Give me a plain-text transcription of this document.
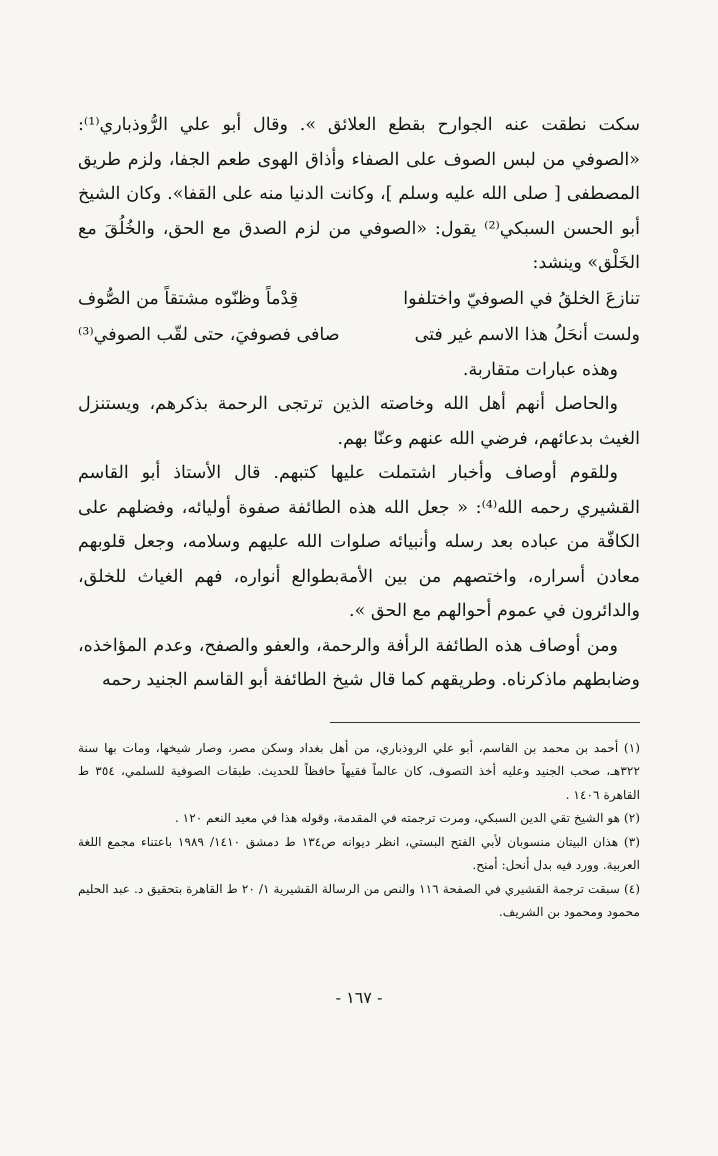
سكت نطقت عنه الجوارح بقطع العلائق ». وقال أبو علي الرُّوذباري⁽¹⁾: «الصوفي من لبس الصوف على الصفاء وأذاق الهوى طعم الجفا، ولزم طريق المصطفى [ صلى الله عليه وسلم ]، وكانت الدنيا منه على القفا». وكان الشيخ أبو الحسن السبكي⁽²⁾ يقول: «الصوفي من لزم الصدق مع الحق، والخُلُقَ مع الخَلْق» وينشد:

تنازعَ الخلقُ في الصوفيّ واختلفوا
قِدْماً وظنّوه مشتقاً من الصُّوف
ولست أنحَلُ هذا الاسم غير فتى
صافى فصوفيَ، حتى لقّب الصوفي⁽³⁾

وهذه عبارات متقاربة.

والحاصل أنهم أهل الله وخاصته الذين ترتجى الرحمة بذكرهم، ويستنزل الغيث بدعائهم، فرضي الله عنهم وعنّا بهم.

وللقوم أوصاف وأخبار اشتملت عليها كتبهم. قال الأستاذ أبو القاسم القشيري رحمه الله⁽⁴⁾: « جعل الله هذه الطائفة صفوة أوليائه، وفضلهم على الكافّة من عباده بعد رسله وأنبيائه صلوات الله عليهم وسلامه، وجعل قلوبهم معادن أسراره، واختصهم من بين الأمةبطوالع أنواره، فهم الغياث للخلق، والدائرون في عموم أحوالهم مع الحق ».

ومن أوصاف هذه الطائفة الرأفة والرحمة، والعفو والصفح، وعدم المؤاخذه، وضابطهم ماذكرناه. وطريقهم كما قال شيخ الطائفة أبو القاسم الجنيد رحمه

(١) أحمد بن محمد بن القاسم، أبو علي الروذباري، من أهل بغداد وسكن مصر، وصار شيخها، ومات بها سنة ٣٢٢هـ، صحب الجنيد وعليه أخذ التصوف، كان عالماً فقيهاً حافظاً للحديث. طبقات الصوفية للسلمي، ٣٥٤ ط القاهرة ١٤٠٦ .

(٢) هو الشيخ تقي الدين السبكي، ومرت ترجمته في المقدمة، وقوله هذا في معيد النعم ١٢٠ .

(٣) هذان البيتان منسوبان لأبي الفتح البستي، انظر ديوانه ص١٣٤ ط دمشق ١٤١٠/ ١٩٨٩ باعتناء مجمع اللغة العربية. وورد فيه بدل أنحل: أمنح.

(٤) سبقت ترجمة القشيري في الصفحة ١١٦ والنص من الرسالة القشيرية ١/ ٢٠ ط القاهرة بتحقيق د. عبد الحليم محمود ومحمود بن الشريف.

- ١٦٧ -
